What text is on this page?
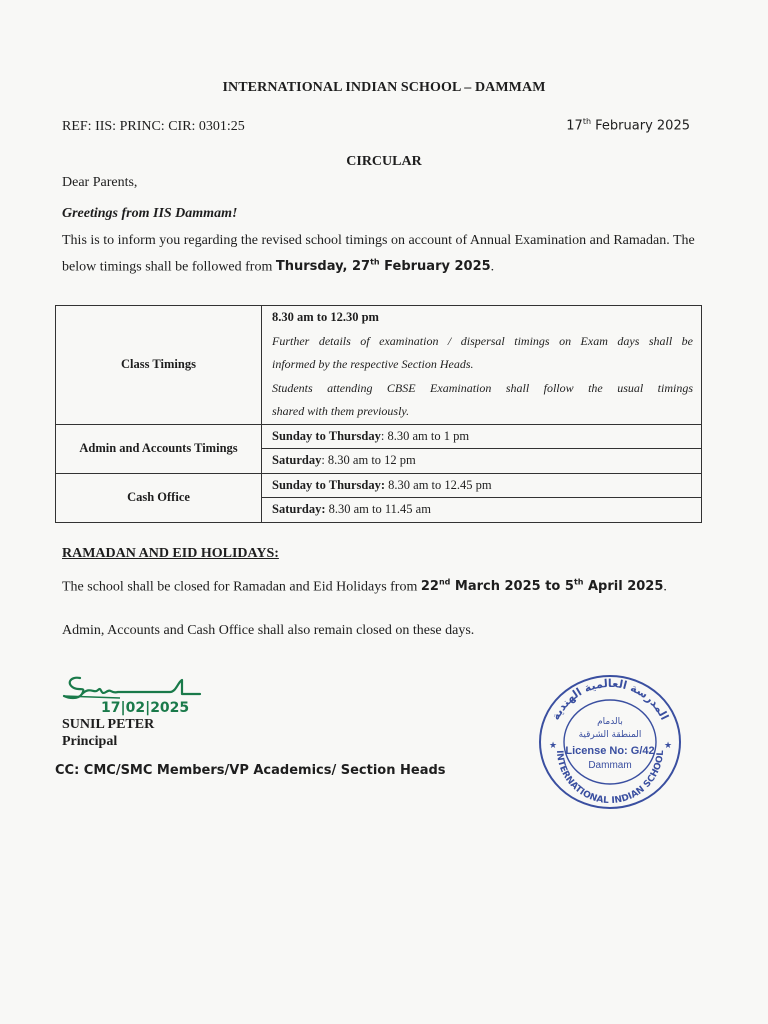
INTERNATIONAL INDIAN SCHOOL – DAMMAM
REF: IIS: PRINC: CIR: 0301:25	17th February 2025
CIRCULAR
Dear Parents,
Greetings from IIS Dammam!
This is to inform you regarding the revised school timings on account of Annual Examination and Ramadan. The below timings shall be followed from Thursday, 27th February 2025.
Class Timings	8.30 am to 12.30 pm
Further details of examination / dispersal timings on Exam days shall be
informed by the respective Section Heads.
Students attending CBSE Examination shall follow the usual timings
shared with them previously.

Admin and Accounts Timings	Sunday to Thursday: 8.30 am to 1 pm
Saturday: 8.30 am to 12 pm

Cash Office	Sunday to Thursday: 8.30 am to 12.45 pm
Saturday: 8.30 am to 11.45 am
RAMADAN AND EID HOLIDAYS:
The school shall be closed for Ramadan and Eid Holidays from 22nd March 2025 to 5th April 2025.
Admin, Accounts and Cash Office shall also remain closed on these days.
17|02|2025
SUNIL PETER
Principal
CC: CMC/SMC Members/VP Academics/ Section Heads
المدرسة العالمية الهندية
INTERNATIONAL INDIAN SCHOOL
بالدمام
المنطقة الشرقية
License No: G/42
Dammam
★	★
